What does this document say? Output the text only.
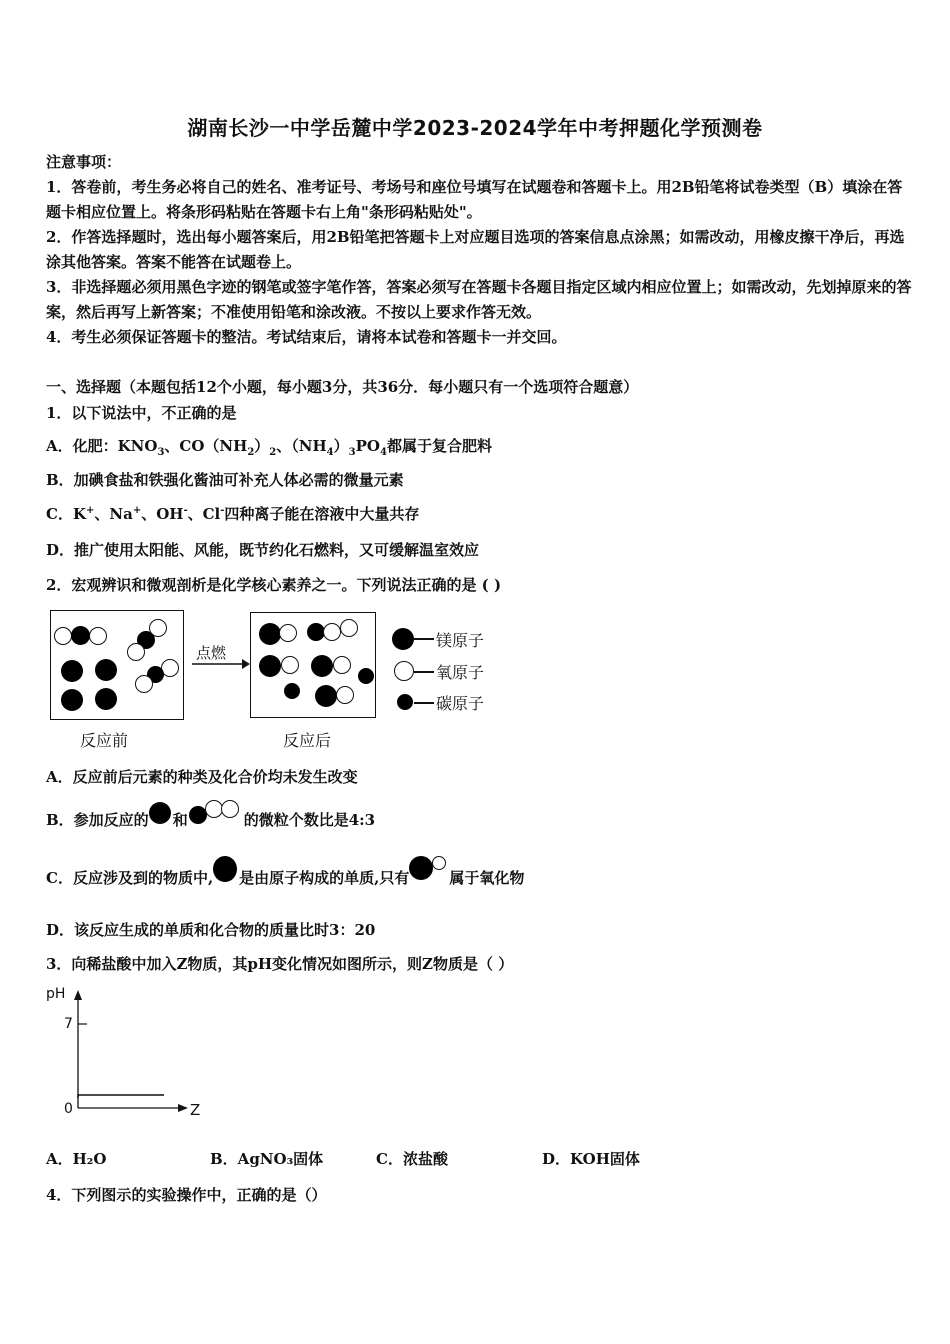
湖南长沙一中学岳麓中学2023-2024学年中考押题化学预测卷

注意事项：

1．答卷前，考生务必将自己的姓名、准考证号、考场号和座位号填写在试题卷和答题卡上。用2B铅笔将试卷类型（B）填涂在答题卡相应位置上。将条形码粘贴在答题卡右上角"条形码粘贴处"。

2．作答选择题时，选出每小题答案后，用2B铅笔把答题卡上对应题目选项的答案信息点涂黑；如需改动，用橡皮擦干净后，再选涂其他答案。答案不能答在试题卷上。

3．非选择题必须用黑色字迹的钢笔或签字笔作答，答案必须写在答题卡各题目指定区域内相应位置上；如需改动，先划掉原来的答案，然后再写上新答案；不准使用铅笔和涂改液。不按以上要求作答无效。

4．考生必须保证答题卡的整洁。考试结束后，请将本试卷和答题卡一并交回。

一、选择题（本题包括12个小题，每小题3分，共36分．每小题只有一个选项符合题意）
1．以下说法中，不正确的是
A．化肥：$KNO_3$、$CO(NH_2)_2$、$(NH_4)_3PO_4$都属于复合肥料
B．加碘食盐和铁强化酱油可补充人体必需的微量元素
C．K+、Na+、OH-、Cl-四种离子能在溶液中大量共存
D．推广使用太阳能、风能，既节约化石燃料，又可缓解温室效应
2．宏观辨识和微观剖析是化学核心素养之一。下列说法正确的是 ( )
点燃
镁原子
氧原子
碳原子
反应前	反应后
A．反应前后元素的种类及化合价均未发生改变
B．参加反应的 和	的微粒个数比是4:3
C．反应涉及到的物质中, 是由原子构成的单质,只有	属于氧化物
D．该反应生成的单质和化合物的质量比时3：20
3．向稀盐酸中加入Z物质，其pH变化情况如图所示，则Z物质是（ ）
pH
7
0	Z
A．H₂O	B．AgNO₃固体	C．浓盐酸	D．KOH固体
4．下列图示的实验操作中，正确的是（）
